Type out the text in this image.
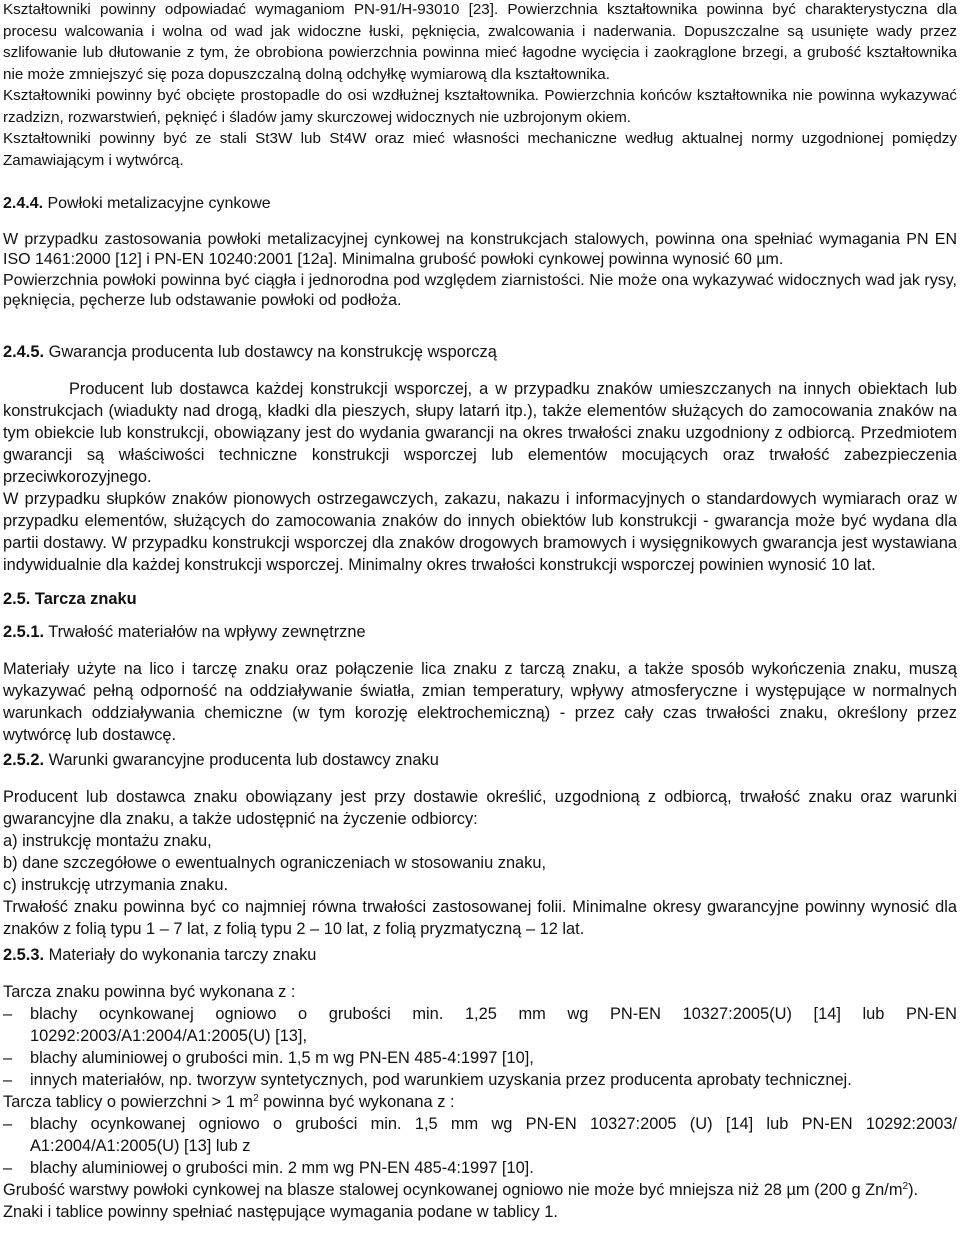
Kształtowniki powinny odpowiadać wymaganiom PN-91/H-93010 [23]. Powierzchnia kształtownika powinna być charakterystyczna dla procesu walcowania i wolna od wad jak widoczne łuski, pęknięcia, zwalcowania i naderwania. Dopuszczalne są usunięte wady przez szlifowanie lub dłutowanie z tym, że obrobiona powierzchnia powinna mieć łagodne wycięcia i zaokrąglone brzegi, a grubość kształtownika nie może zmniejszyć się poza dopuszczalną dolną odchyłkę wymiarową dla kształtownika.

Kształtowniki powinny być obcięte prostopadle do osi wzdłużnej kształtownika. Powierzchnia końców kształtownika nie powinna wykazywać rzadzizn, rozwarstwień, pęknięć i śladów jamy skurczowej widocznych nie uzbrojonym okiem.

Kształtowniki powinny być ze stali St3W lub St4W oraz mieć własności mechaniczne według aktualnej normy uzgodnionej pomiędzy Zamawiającym i wytwórcą.

2.4.4. Powłoki metalizacyjne cynkowe

W przypadku zastosowania powłoki metalizacyjnej cynkowej na konstrukcjach stalowych, powinna ona spełniać wymagania PN EN ISO 1461:2000 [12] i PN-EN 10240:2001 [12a]. Minimalna grubość powłoki cynkowej powinna wynosić 60 µm.

Powierzchnia powłoki powinna być ciągła i jednorodna pod względem ziarnistości. Nie może ona wykazywać widocznych wad jak rysy, pęknięcia, pęcherze lub odstawanie powłoki od podłoża.

2.4.5. Gwarancja producenta lub dostawcy na konstrukcję wsporczą

Producent lub dostawca każdej konstrukcji wsporczej, a w przypadku znaków umieszczanych na innych obiektach lub konstrukcjach (wiadukty nad drogą, kładki dla pieszych, słupy latarń itp.), także elementów służących do zamocowania znaków na tym obiekcie lub konstrukcji, obowiązany jest do wydania gwarancji na okres trwałości znaku uzgodniony z odbiorcą. Przedmiotem gwarancji są właściwości techniczne konstrukcji wsporczej lub elementów mocujących oraz trwałość zabezpieczenia przeciwkorozyjnego.

W przypadku słupków znaków pionowych ostrzegawczych, zakazu, nakazu i informacyjnych o standardowych wymiarach oraz w przypadku elementów, służących do zamocowania znaków do innych obiektów lub konstrukcji - gwarancja może być wydana dla partii dostawy. W przypadku konstrukcji wsporczej dla znaków drogowych bramowych i wysięgnikowych gwarancja jest wystawiana indywidualnie dla każdej konstrukcji wsporczej. Minimalny okres trwałości konstrukcji wsporczej powinien wynosić 10 lat.

2.5. Tarcza znaku

2.5.1. Trwałość materiałów na wpływy zewnętrzne

Materiały użyte na lico i tarczę znaku oraz połączenie lica znaku z tarczą znaku, a także sposób wykończenia znaku, muszą wykazywać pełną odporność na oddziaływanie światła, zmian temperatury, wpływy atmosferyczne i występujące w normalnych warunkach oddziaływania chemiczne (w tym korozję elektrochemiczną) - przez cały czas trwałości znaku, określony przez wytwórcę lub dostawcę.

2.5.2. Warunki gwarancyjne producenta lub dostawcy znaku

Producent lub dostawca znaku obowiązany jest przy dostawie określić, uzgodnioną z odbiorcą, trwałość znaku oraz warunki gwarancyjne dla znaku, a także udostępnić na życzenie odbiorcy:

a) instrukcję montażu znaku,

b) dane szczegółowe o ewentualnych ograniczeniach w stosowaniu znaku,

c) instrukcję utrzymania znaku.

Trwałość znaku powinna być co najmniej równa trwałości zastosowanej folii. Minimalne okresy gwarancyjne powinny wynosić dla znaków z folią typu 1 – 7 lat, z folią typu 2 – 10 lat, z folią pryzmatyczną – 12 lat.

2.5.3. Materiały do wykonania tarczy znaku

Tarcza znaku powinna być wykonana z :

– blachy ocynkowanej ogniowo o grubości min. 1,25 mm wg PN-EN 10327:2005(U) [14] lub PN-EN 10292:2003/A1:2004/A1:2005(U) [13],

– blachy aluminiowej o grubości min. 1,5 m wg PN-EN 485-4:1997 [10],

– innych materiałów, np. tworzyw syntetycznych, pod warunkiem uzyskania przez producenta aprobaty technicznej.

Tarcza tablicy o powierzchni > 1 $m^2$ powinna być wykonana z :

– blachy ocynkowanej ogniowo o grubości min. 1,5 mm wg PN-EN 10327:2005 (U) [14] lub PN-EN 10292:2003/ A1:2004/A1:2005(U) [13] lub z

– blachy aluminiowej o grubości min. 2 mm wg PN-EN 485-4:1997 [10].

Grubość warstwy powłoki cynkowej na blasze stalowej ocynkowanej ogniowo nie może być mniejsza niż 28 µm (200 g $Zn/m^2$).

Znaki i tablice powinny spełniać następujące wymagania podane w tablicy 1.
